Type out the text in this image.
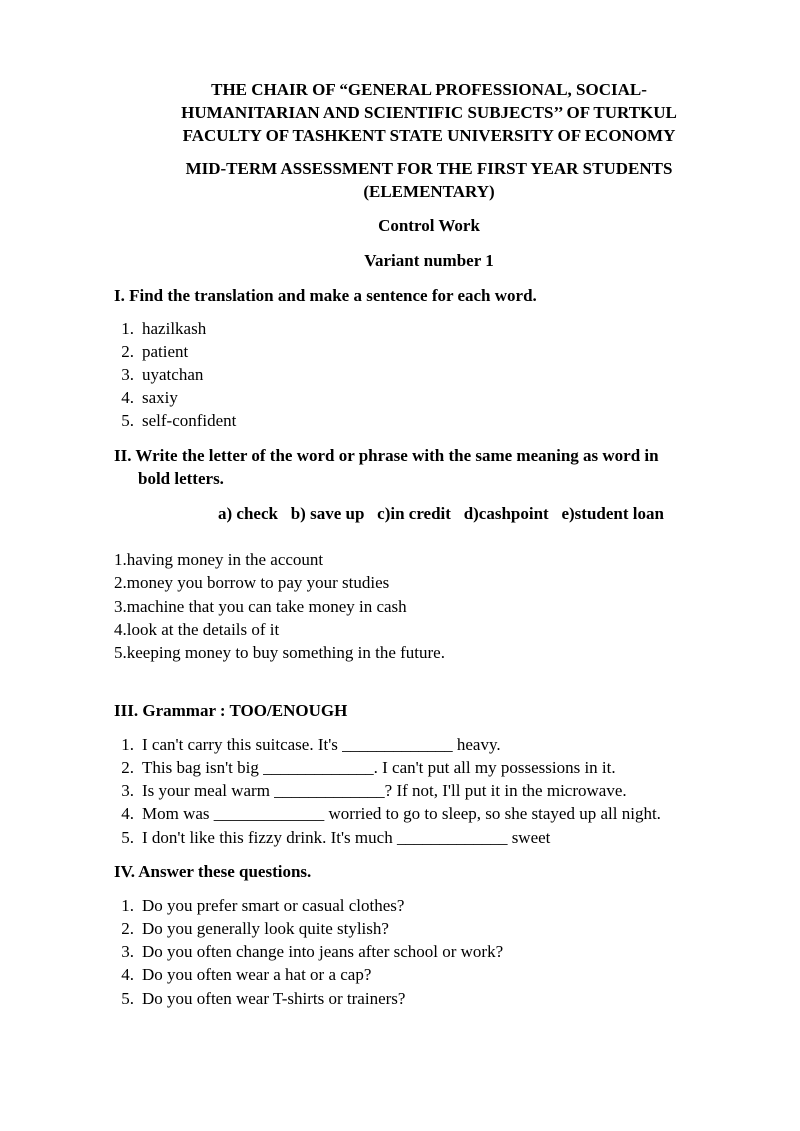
THE CHAIR OF “GENERAL PROFESSIONAL, SOCIAL-
HUMANITARIAN AND SCIENTIFIC SUBJECTS’’ OF TURTKUL
FACULTY OF TASHKENT STATE UNIVERSITY OF ECONOMY
MID-TERM ASSESSMENT FOR THE FIRST YEAR STUDENTS
(ELEMENTARY)
Control Work
Variant number 1
I. Find the translation and make a sentence for each word.
1. hazilkash
2. patient
3. uyatchan
4. saxiy
5. self-confident
II. Write the letter of the word or phrase with the same meaning as word in
bold letters.
a) check   b) save up   c)in credit   d)cashpoint   e)student loan
1.having money in the account
2.money you borrow to pay your studies
3.machine that you can take money in cash
4.look at the details of it
5.keeping money to buy something in the future.
III. Grammar : TOO/ENOUGH
1. I can't carry this suitcase. It's _____________ heavy.
2. This bag isn't big _____________. I can't put all my possessions in it.
3. Is your meal warm _____________? If not, I'll put it in the microwave.
4. Mom was _____________ worried to go to sleep, so she stayed up all night.
5. I don't like this fizzy drink. It's much _____________ sweet
IV. Answer these questions.
1. Do you prefer smart or casual clothes?
2. Do you generally look quite stylish?
3. Do you often change into jeans after school or work?
4. Do you often wear a hat or a cap?
5. Do you often wear T-shirts or trainers?
